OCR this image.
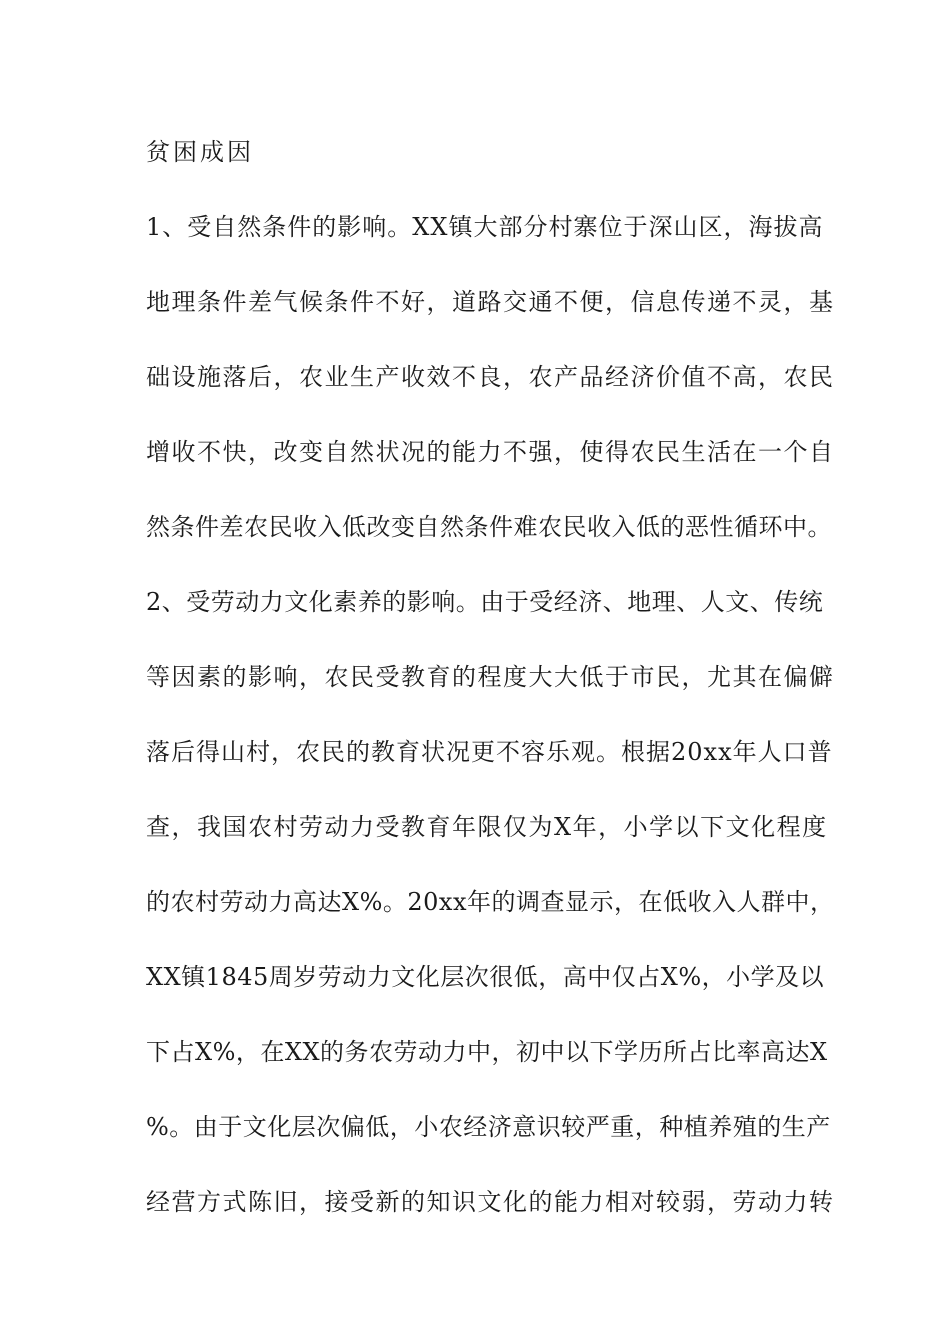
贫困成因
1、受自然条件的影响。XX镇大部分村寨位于深山区，海拔高
地理条件差气候条件不好，道路交通不便，信息传递不灵，基
础设施落后，农业生产收效不良，农产品经济价值不高，农民
增收不快，改变自然状况的能力不强，使得农民生活在一个自
然条件差农民收入低改变自然条件难农民收入低的恶性循环中。
2、受劳动力文化素养的影响。由于受经济、地理、人文、传统
等因素的影响，农民受教育的程度大大低于市民，尤其在偏僻
落后得山村，农民的教育状况更不容乐观。根据20xx年人口普
查，我国农村劳动力受教育年限仅为X年，小学以下文化程度
的农村劳动力高达X%。20xx年的调查显示，在低收入人群中，
XX镇1845周岁劳动力文化层次很低，高中仅占X%，小学及以
下占X%，在XX的务农劳动力中，初中以下学历所占比率高达X
%。由于文化层次偏低，小农经济意识较严重，种植养殖的生产
经营方式陈旧，接受新的知识文化的能力相对较弱，劳动力转
